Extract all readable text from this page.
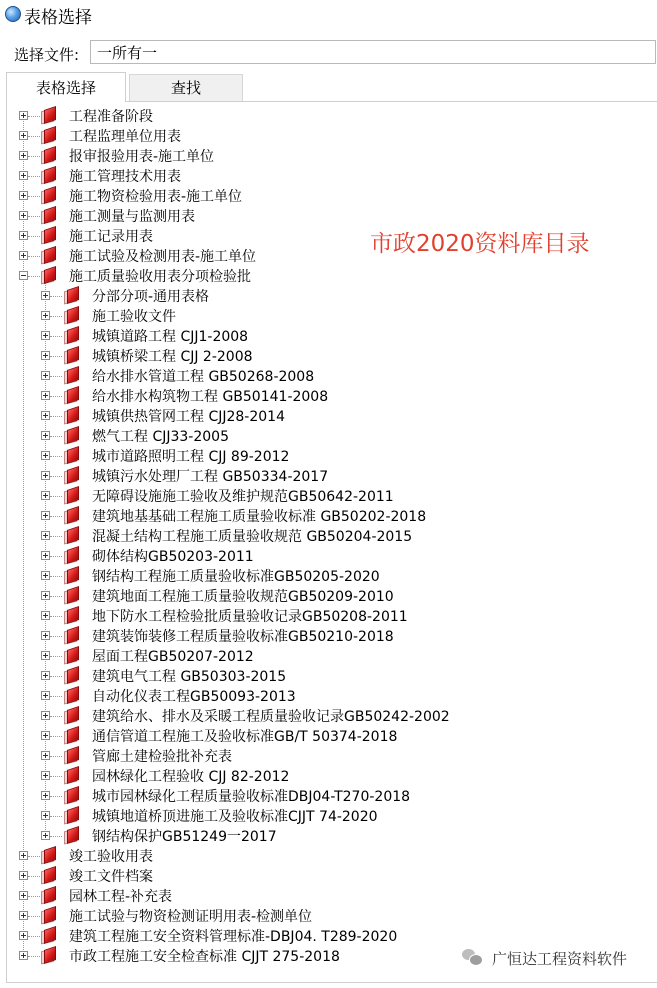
表格选择
选择文件:
一所有一
表格选择	查找
工程准备阶段
工程监理单位用表
报审报验用表-施工单位
施工管理技术用表
施工物资检验用表-施工单位
施工测量与监测用表
施工记录用表
施工试验及检测用表-施工单位
施工质量验收用表分项检验批
分部分项-通用表格
施工验收文件
城镇道路工程 CJJ1-2008
城镇桥梁工程 CJJ 2-2008
给水排水管道工程 GB50268-2008
给水排水构筑物工程 GB50141-2008
城镇供热管网工程 CJJ28-2014
燃气工程 CJJ33-2005
城市道路照明工程 CJJ 89-2012
城镇污水处理厂工程 GB50334-2017
无障碍设施施工验收及维护规范GB50642-2011
建筑地基基础工程施工质量验收标准 GB50202-2018
混凝土结构工程施工质量验收规范 GB50204-2015
砌体结构GB50203-2011
钢结构工程施工质量验收标准GB50205-2020
建筑地面工程施工质量验收规范GB50209-2010
地下防水工程检验批质量验收记录GB50208-2011
建筑装饰装修工程质量验收标准GB50210-2018
屋面工程GB50207-2012
建筑电气工程 GB50303-2015
自动化仪表工程GB50093-2013
建筑给水、排水及采暖工程质量验收记录GB50242-2002
通信管道工程施工及验收标准GB/T 50374-2018
管廊土建检验批补充表
园林绿化工程验收 CJJ 82-2012
城市园林绿化工程质量验收标准DBJ04-T270-2018
城镇地道桥顶进施工及验收标准CJJT 74-2020
钢结构保护GB51249一2017
竣工验收用表
竣工文件档案
园林工程-补充表
施工试验与物资检测证明用表-检测单位
建筑工程施工安全资料管理标准-DBJ04. T289-2020
市政工程施工安全检查标准 CJJT 275-2018
市政2020资料库目录
广恒达工程资料软件
